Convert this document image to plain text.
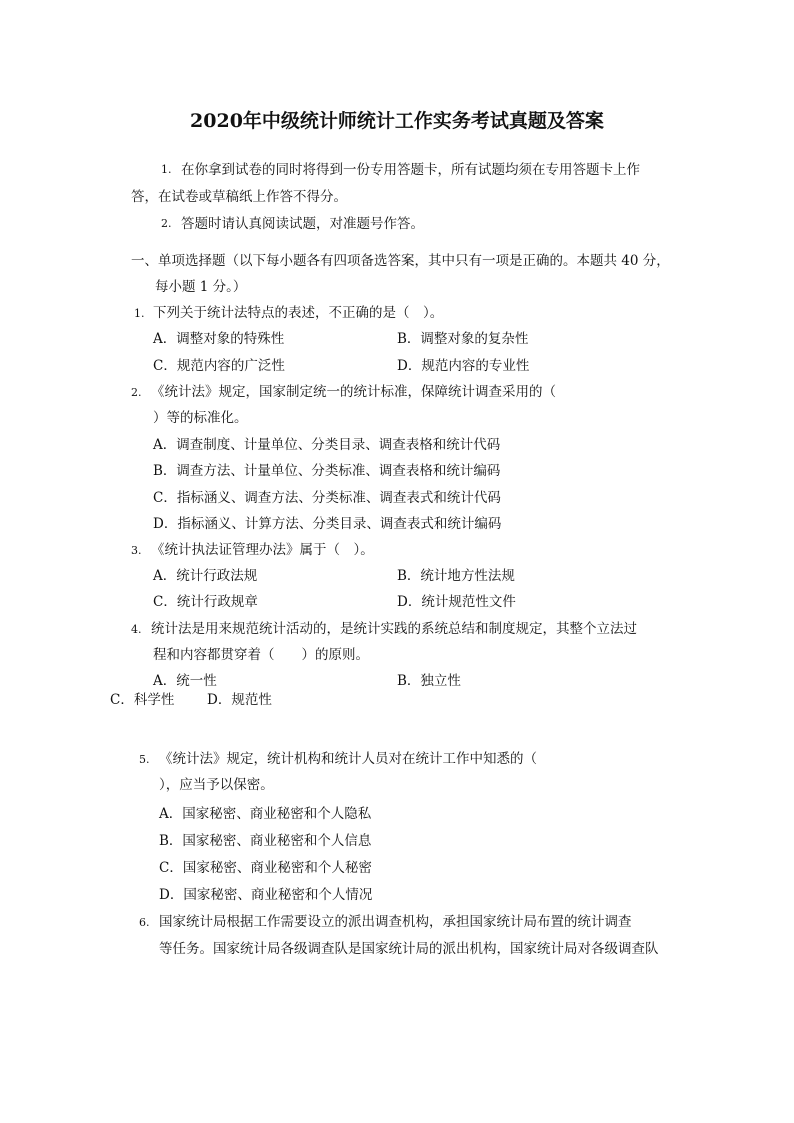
2020年中级统计师统计工作实务考试真题及答案
1. 在你拿到试卷的同时将得到一份专用答题卡，所有试题均须在专用答题卡上作
答，在试卷或草稿纸上作答不得分。
2. 答题时请认真阅读试题，对准题号作答。
一、单项选择题（以下每小题各有四项备选答案，其中只有一项是正确的。本题共 40 分，
每小题 1 分。）
1. 下列关于统计法特点的表述，不正确的是（　）。
A．调整对象的特殊性	B．调整对象的复杂性
C．规范内容的广泛性	D．规范内容的专业性
2. 《统计法》规定，国家制定统一的统计标准，保障统计调查采用的（
）等的标准化。
A．调查制度、计量单位、分类目录、调查表格和统计代码
B．调查方法、计量单位、分类标准、调查表格和统计编码
C．指标涵义、调查方法、分类标准、调查表式和统计代码
D．指标涵义、计算方法、分类目录、调查表式和统计编码
3. 《统计执法证管理办法》属于（　）。
A．统计行政法规	B．统计地方性法规
C．统计行政规章	D．统计规范性文件
4. 统计法是用来规范统计活动的，是统计实践的系统总结和制度规定，其整个立法过
程和内容都贯穿着（　　）的原则。
A．统一性	B．独立性
C．科学性 D．规范性
5. 《统计法》规定，统计机构和统计人员对在统计工作中知悉的（
），应当予以保密。
A．国家秘密、商业秘密和个人隐私
B．国家秘密、商业秘密和个人信息
C．国家秘密、商业秘密和个人秘密
D．国家秘密、商业秘密和个人情况
6. 国家统计局根据工作需要设立的派出调查机构，承担国家统计局布置的统计调查
等任务。国家统计局各级调查队是国家统计局的派出机构，国家统计局对各级调查队
